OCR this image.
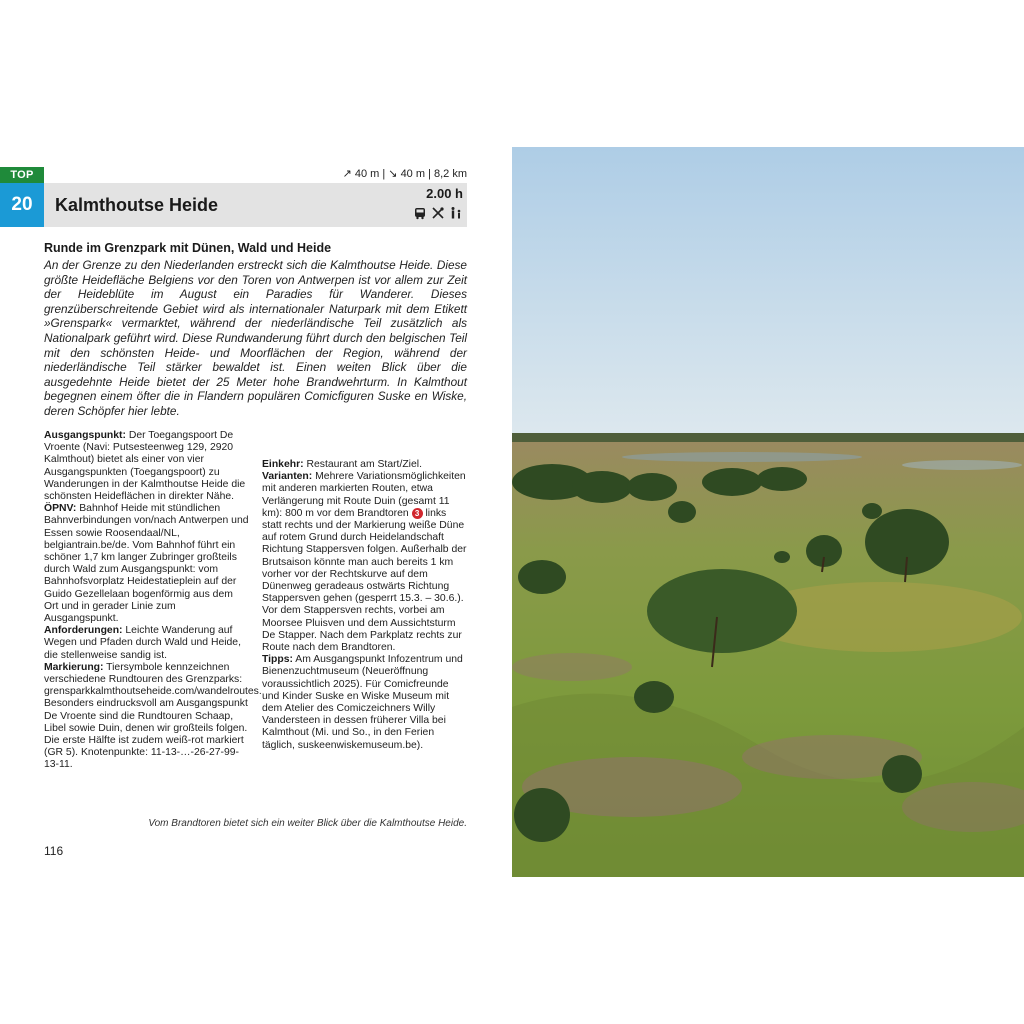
TOP
20
↗ 40 m | ↘ 40 m | 8,2 km
Kalmthoutse Heide
2.00 h
Runde im Grenzpark mit Dünen, Wald und Heide
An der Grenze zu den Niederlanden erstreckt sich die Kalmthoutse Heide. Diese größte Heidefläche Belgiens vor den Toren von Antwerpen ist vor allem zur Zeit der Heideblüte im August ein Paradies für Wanderer. Dieses grenzüberschreitende Gebiet wird als internationaler Naturpark mit dem Etikett »Grenspark« vermarktet, während der niederländische Teil zusätzlich als Nationalpark geführt wird. Diese Rundwanderung führt durch den belgischen Teil mit den schönsten Heide- und Moorflächen der Region, während der niederländische Teil stärker bewaldet ist. Einen weiten Blick über die ausgedehnte Heide bietet der 25 Meter hohe Brandwehrturm. In Kalmthout begegnen einem öfter die in Flandern populären Comicfiguren Suske en Wiske, deren Schöpfer hier lebte.

Ausgangspunkt: Der Toegangspoort De Vroente (Navi: Putsesteenweg 129, 2920 Kalmthout) bietet als einer von vier Ausgangspunkten (Toegangspoort) zu Wanderungen in der Kalmthoutse Heide die schönsten Heideflächen in direkter Nähe.

ÖPNV: Bahnhof Heide mit stündlichen Bahnverbindungen von/nach Antwerpen und Essen sowie Roosendaal/NL, belgiantrain.be/de. Vom Bahnhof führt ein schöner 1,7 km langer Zubringer großteils durch Wald zum Ausgangspunkt: vom Bahnhofsvorplatz Heidestatieplein auf der Guido Gezellelaan bogenförmig aus dem Ort und in gerader Linie zum Ausgangspunkt.

Anforderungen: Leichte Wanderung auf Wegen und Pfaden durch Wald und Heide, die stellenweise sandig ist.

Markierung: Tiersymbole kennzeichnen verschiedene Rundtouren des Grenzparks: grensparkkalmthoutseheide.com/wandelroutes. Besonders eindrucksvoll am Ausgangspunkt De Vroente sind die Rundtouren Schaap, Libel sowie Duin, denen wir großteils folgen. Die erste Hälfte ist zudem weiß-rot markiert (GR 5). Knotenpunkte: 11-13-…-26-27-99-13-11.

Einkehr: Restaurant am Start/Ziel.

Varianten: Mehrere Variationsmöglichkeiten mit anderen markierten Routen, etwa Verlängerung mit Route Duin (gesamt 11 km): 800 m vor dem Brandtoren 3 links statt rechts und der Markierung weiße Düne auf rotem Grund durch Heidelandschaft Richtung Stappersven folgen. Außerhalb der Brutsaison könnte man auch bereits 1 km vorher vor der Rechtskurve auf dem Dünenweg geradeaus ostwärts Richtung Stappersven gehen (gesperrt 15.3. – 30.6.). Vor dem Stappersven rechts, vorbei am Moorsee Pluisven und dem Aussichtsturm De Stapper. Nach dem Parkplatz rechts zur Route nach dem Brandtoren.

Tipps: Am Ausgangspunkt Infozentrum und Bienenzuchtmuseum (Neueröffnung voraussichtlich 2025). Für Comicfreunde und Kinder Suske en Wiske Museum mit dem Atelier des Comiczeichners Willy Vandersteen in dessen früherer Villa bei Kalmthout (Mi. und So., in den Ferien täglich, suskeenwiskemuseum.be).

Vom Brandtoren bietet sich ein weiter Blick über die Kalmthoutse Heide.
116
